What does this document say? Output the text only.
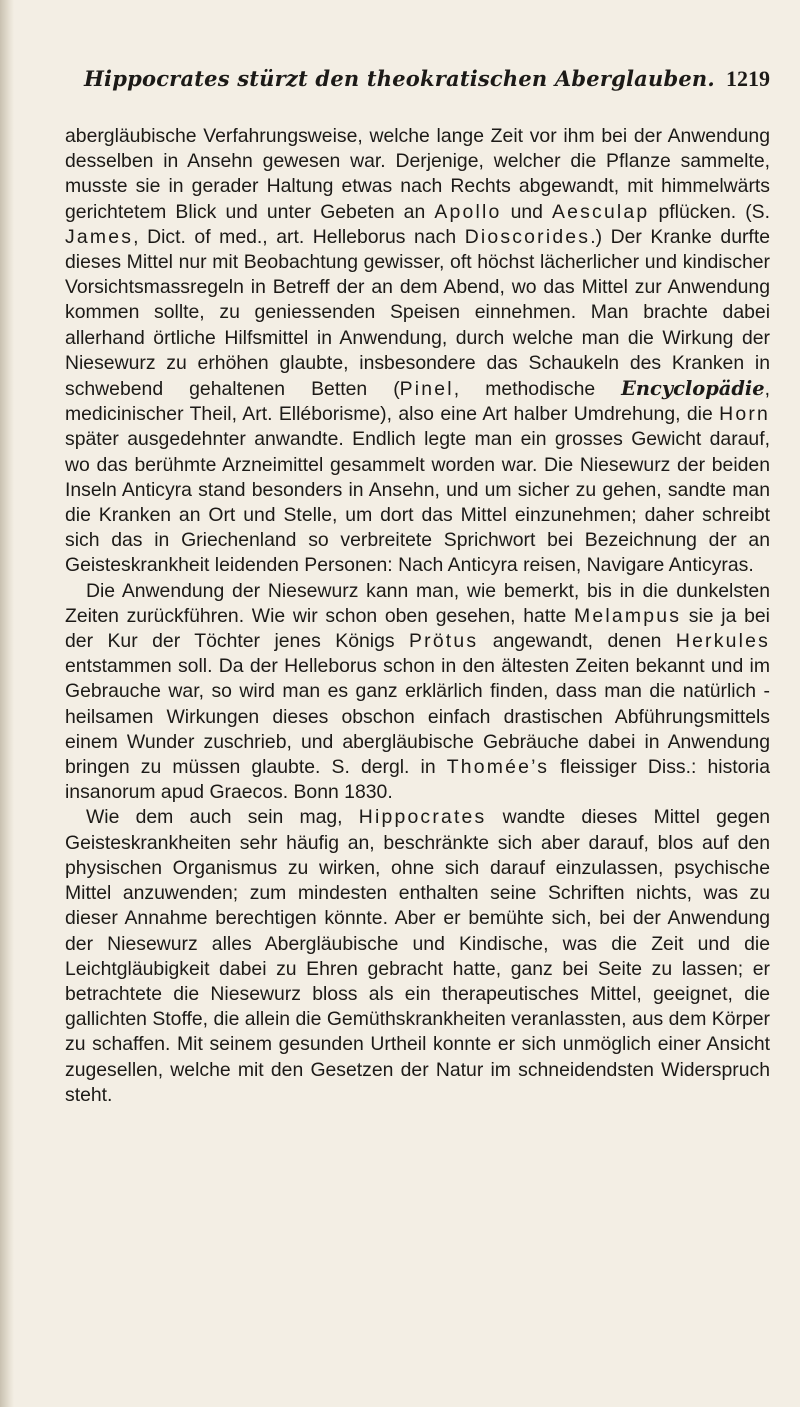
Hippocrates stürzt den theokratischen Aberglauben. 1219

abergläubische Verfahrungsweise, welche lange Zeit vor ihm bei der Anwendung desselben in Ansehn gewesen war. Derjenige, welcher die Pflanze sammelte, musste sie in gerader Haltung etwas nach Rechts abgewandt, mit himmelwärts gerichtetem Blick und unter Gebeten an Apollo und Aesculap pflücken. (S. James, Dict. of med., art. Helleborus nach Dioscorides.) Der Kranke durfte dieses Mittel nur mit Beobachtung gewisser, oft höchst lächerlicher und kindischer Vorsichtsmassregeln in Betreff der an dem Abend, wo das Mittel zur Anwendung kommen sollte, zu geniessenden Speisen einnehmen. Man brachte dabei allerhand örtliche Hilfsmittel in Anwendung, durch welche man die Wirkung der Niesewurz zu erhöhen glaubte, insbesondere das Schaukeln des Kranken in schwebend gehaltenen Betten (Pinel, methodische Encyclopädie, medicinischer Theil, Art. Elléborisme), also eine Art halber Umdrehung, die Horn später ausgedehnter anwandte. Endlich legte man ein grosses Gewicht darauf, wo das berühmte Arzneimittel gesammelt worden war. Die Niesewurz der beiden Inseln Anticyra stand besonders in Ansehn, und um sicher zu gehen, sandte man die Kranken an Ort und Stelle, um dort das Mittel einzunehmen; daher schreibt sich das in Griechenland so verbreitete Sprichwort bei Bezeichnung der an Geisteskrankheit leidenden Personen: Nach Anticyra reisen, Navigare Anticyras.

Die Anwendung der Niesewurz kann man, wie bemerkt, bis in die dunkelsten Zeiten zurückführen. Wie wir schon oben gesehen, hatte Melampus sie ja bei der Kur der Töchter jenes Königs Prötus angewandt, denen Herkules entstammen soll. Da der Helleborus schon in den ältesten Zeiten bekannt und im Gebrauche war, so wird man es ganz erklärlich finden, dass man die natürlich - heilsamen Wirkungen dieses obschon einfach drastischen Abführungsmittels einem Wunder zuschrieb, und abergläubische Gebräuche dabei in Anwendung bringen zu müssen glaubte. S. dergl. in Thomée’s fleissiger Diss.: historia insanorum apud Graecos. Bonn 1830.

Wie dem auch sein mag, Hippocrates wandte dieses Mittel gegen Geisteskrankheiten sehr häufig an, beschränkte sich aber darauf, blos auf den physischen Organismus zu wirken, ohne sich darauf einzulassen, psychische Mittel anzuwenden; zum mindesten enthalten seine Schriften nichts, was zu dieser Annahme berechtigen könnte. Aber er bemühte sich, bei der Anwendung der Niesewurz alles Abergläubische und Kindische, was die Zeit und die Leichtgläubigkeit dabei zu Ehren gebracht hatte, ganz bei Seite zu lassen; er betrachtete die Niesewurz bloss als ein therapeutisches Mittel, geeignet, die gallichten Stoffe, die allein die Gemüthskrankheiten veranlassten, aus dem Körper zu schaffen. Mit seinem gesunden Urtheil konnte er sich unmöglich einer Ansicht zugesellen, welche mit den Gesetzen der Natur im schneidendsten Widerspruch steht.
